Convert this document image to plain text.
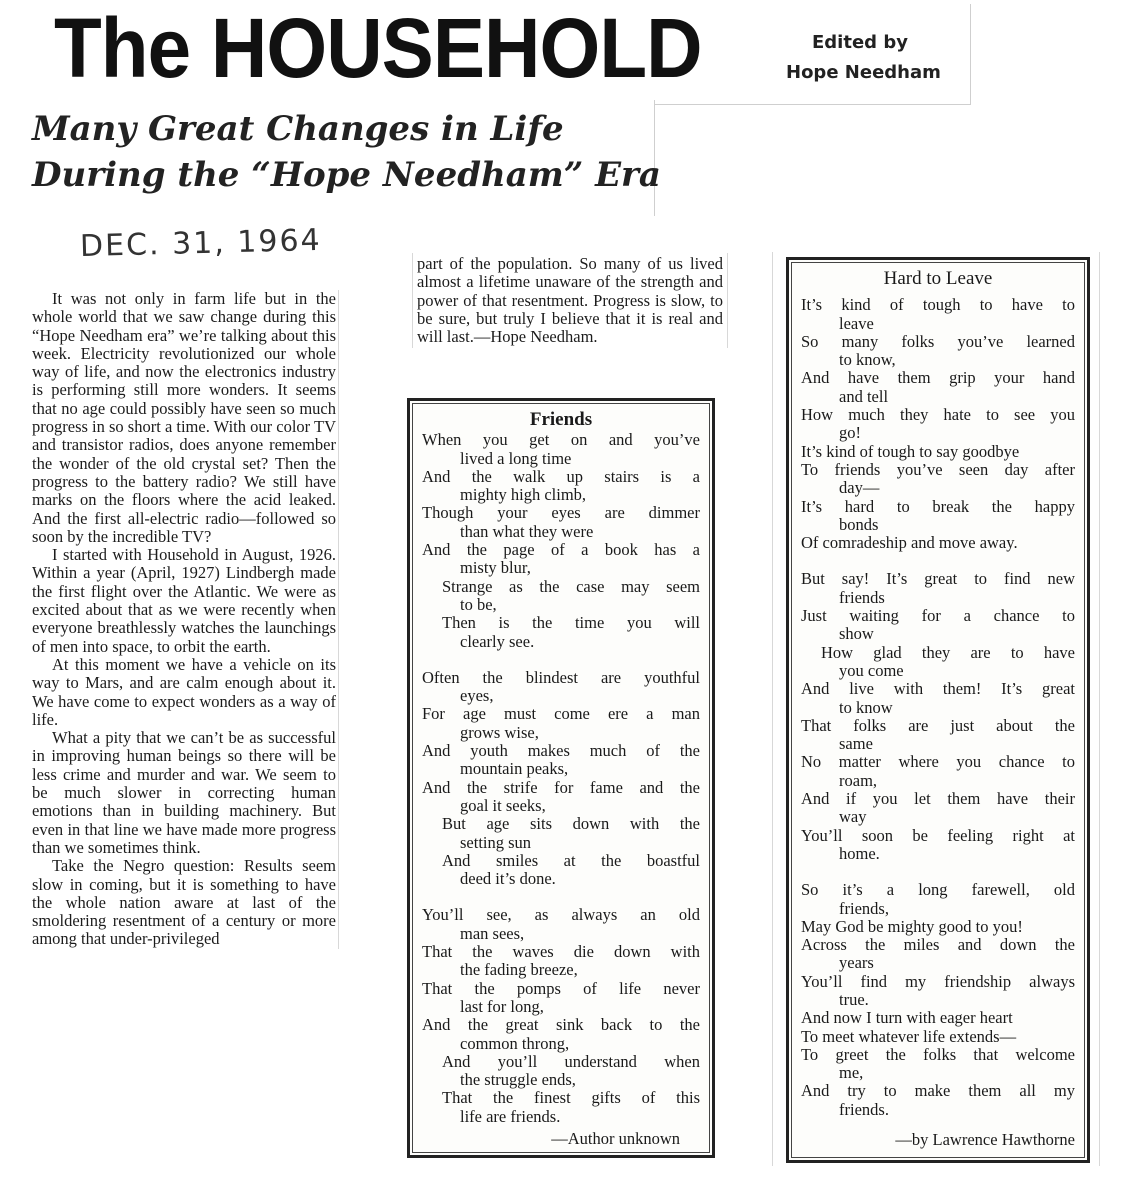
The HOUSEHOLD	Edited by
Hope Needham
Many Great Changes in Life
During the “Hope Needham” Era
DEC. 31, 1964

It was not only in farm life but in the whole world that we saw change during this “Hope Needham era” we’re talking about this week. Electricity revolutionized our whole way of life, and now the electronics industry is performing still more wonders. It seems that no age could possibly have seen so much progress in so short a time. With our color TV and transistor radios, does anyone remember the wonder of the old crystal set? Then the progress to the battery radio? We still have marks on the floors where the acid leaked. And the first all-electric radio—followed so soon by the incredible TV?

I started with Household in August, 1926. Within a year (April, 1927) Lindbergh made the first flight over the Atlantic. We were as excited about that as we were recently when everyone breathlessly watches the launchings of men into space, to orbit the earth.

At this moment we have a vehicle on its way to Mars, and are calm enough about it. We have come to expect wonders as a way of life.

What a pity that we can’t be as successful in improving human beings so there will be less crime and murder and war. We seem to be much slower in correcting human emotions than in building machinery. But even in that line we have made more progress than we sometimes think.

Take the Negro question: Results seem slow in coming, but it is something to have the whole nation aware at last of the smoldering resentment of a century or more among that under-privileged

part of the population. So many of us lived almost a lifetime unaware of the strength and power of that resentment. Progress is slow, to be sure, but truly I believe that it is real and will last.—Hope Needham.

Friends
When you get on and you’ve
lived a long time
And the walk up stairs is a
mighty high climb,
Though your eyes are dimmer
than what they were
And the page of a book has a
misty blur,
Strange as the case may seem
to be,
Then is the time you will
clearly see.
Often the blindest are youthful
eyes,
For age must come ere a man
grows wise,
And youth makes much of the
mountain peaks,
And the strife for fame and the
goal it seeks,
But age sits down with the
setting sun
And smiles at the boastful
deed it’s done.
You’ll see, as always an old
man sees,
That the waves die down with
the fading breeze,
That the pomps of life never
last for long,
And the great sink back to the
common throng,
And you’ll understand when
the struggle ends,
That the finest gifts of this
life are friends.
—Author unknown
Hard to Leave
It’s kind of tough to have to
leave
So many folks you’ve learned
to know,
And have them grip your hand
and tell
How much they hate to see you
go!
It’s kind of tough to say goodbye
To friends you’ve seen day after
day—
It’s hard to break the happy
bonds
Of comradeship and move away.
But say! It’s great to find new
friends
Just waiting for a chance to
show
How glad they are to have
you come
And live with them! It’s great
to know
That folks are just about the
same
No matter where you chance to
roam,
And if you let them have their
way
You’ll soon be feeling right at
home.
So it’s a long farewell, old
friends,
May God be mighty good to you!
Across the miles and down the
years
You’ll find my friendship always
true.
And now I turn with eager heart
To meet whatever life extends—
To greet the folks that welcome
me,
And try to make them all my
friends.
—by Lawrence Hawthorne
